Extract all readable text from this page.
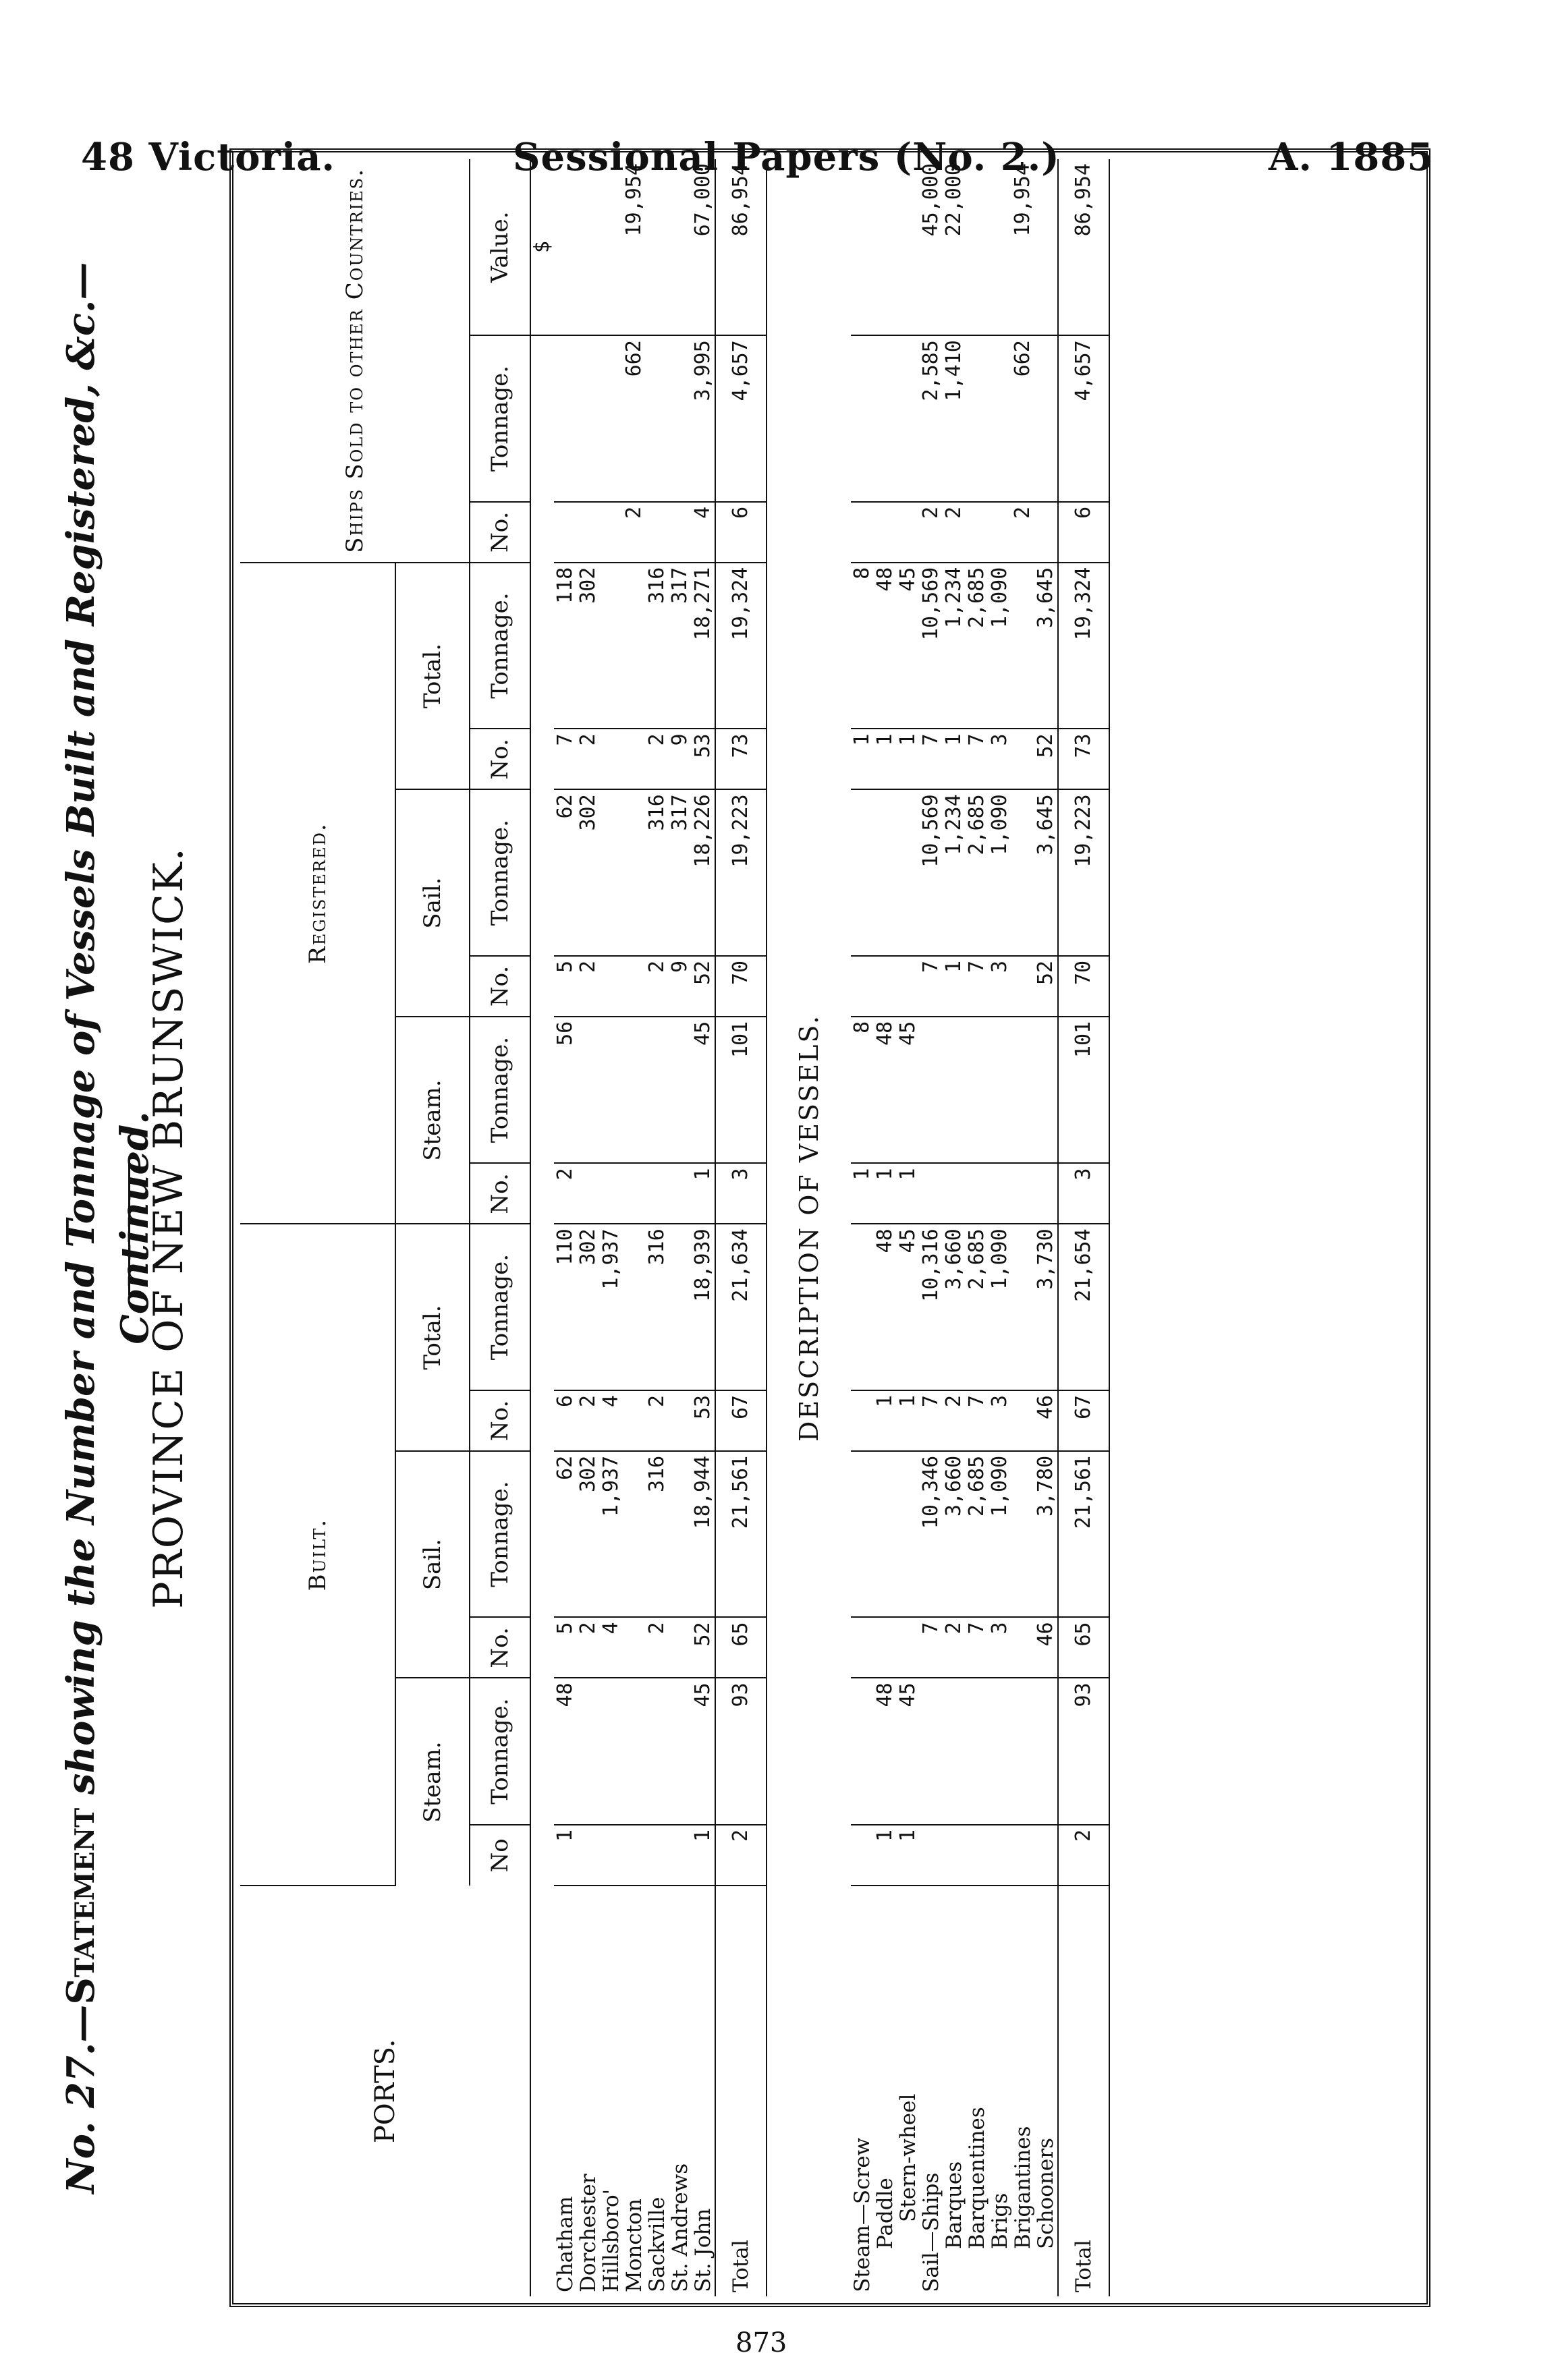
48 Victoria.	Sessional Papers (No. 2.)	A. 1885
No. 27.—Statement showing the Number and Tonnage of Vessels Built and Registered, &c.—Continued.
PROVINCE OF NEW BRUNSWICK.
PORTS.	Built.						Registered.						Ships Sold to other Countries.		
	Steam.		Sail.		Total.		Steam.		Sail.		Total.				
	No	Tonnage.	No.	Tonnage.	No.	Tonnage.	No.	Tonnage.	No.	Tonnage.	No.	Tonnage.	No.	Tonnage.	Value.
															$
Chatham	1	48	5	62	6	110	2	56	5	62	7	118			
Dorchester			2	302	2	302			2	302	2	302			
Hillsboro'			4	1,937	4	1,937									
Moncton													2	662	19,954
Sackville			2	316	2	316			2	316	2	316			
St. Andrews									9	317	9	317			
St. John	1	45	52	18,944	53	18,939	1	45	52	18,226	53	18,271	4	3,995	67,000
Total	2	93	65	21,561	67	21,634	3	101	70	19,223	73	19,324	6	4,657	86,954
DESCRIPTION OF VESSELS.															
Steam—Screw							1	8			1	8			
Paddle	1	48			1	48	1	48			1	48			
Stern-wheel	1	45			1	45	1	45			1	45			
Sail—Ships			7	10,346	7	10,316			7	10,569	7	10,569	2	2,585	45,000
Barques			2	3,660	2	3,660			1	1,234	1	1,234	2	1,410	22,000
Barquentines			7	2,685	7	2,685			7	2,685	7	2,685			
Brigs			3	1,090	3	1,090			3	1,090	3	1,090			
Brigantines													2	662	19,954
Schooners			46	3,780	46	3,730			52	3,645	52	3,645			
Total	2	93	65	21,561	67	21,654	3	101	70	19,223	73	19,324	6	4,657	86,954
873
